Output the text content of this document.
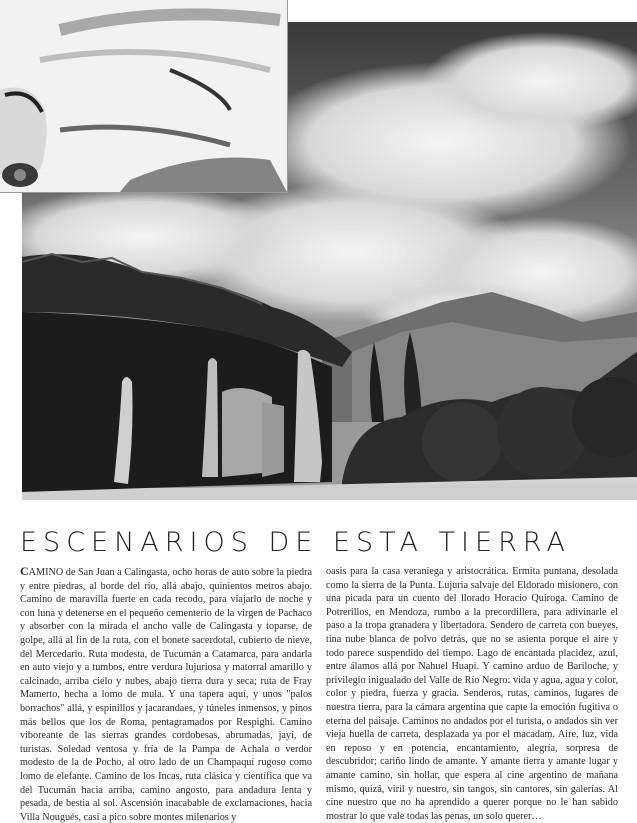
ESCENARIOS DE ESTA TIERRA

CAMINO de San Juan a Calingasta, ocho horas de auto sobre la piedra y entre piedras, al borde del río, allá abajo, quinientos metros abajo. Camino de maravilla fuerte en cada recodo, para viajarlo de noche y con luna y detenerse en el pequeño cementerio de la virgen de Pachaco y absorber con la mirada el ancho valle de Calingasta y toparse, de golpe, allá al fin de la ruta, con el bonete sacerdotal, cubierto de nieve, del Mercedario. Ruta modesta, de Tucumán a Catamarca, para andarla en auto viejo y a tumbos, entre verdura lujuriosa y matorral amarillo y calcinado, arriba cielo y nubes, abajo tierra dura y seca; ruta de Fray Mamerto, hecha a lomo de mula. Y una tapera aquí, y unos "palos borrachos" allá, y espinillos y jacarandaes, y túneles inmensos, y pinos más bellos que los de Roma, pentagramados por Respighi. Camino viboreante de las sierras grandes cordobesas, abrumadas, jayí, de turistas. Soledad ventosa y fría de la Pampa de Achala o verdor modesto de la de Pocho, al otro lado de un Champaquí rugoso como lomo de elefante. Camino de los Incas, ruta clásica y científica que va del Tucumán hacia arriba, camino angosto, para andadura lenta y pesada, de bestia al sol. Ascensión inacabable de exclamaciones, hacia Villa Nougués, casi a pico sobre montes milenarios y

oasis para la casa veraniega y aristocrática. Ermita puntana, desolada como la sierra de la Punta. Lujuria salvaje del Eldorado misionero, con una picada para un cuento del llorado Horacio Quiroga. Camino de Potrerillos, en Mendoza, rumbo a la precordillera, para adivinarle el paso a la tropa granadera y libertadora. Sendero de carreta con bueyes, tina nube blanca de polvo detrás, que no se asienta porque el aire y todo parece suspendido del tiempo. Lago de encantada placidez, azul, entre álamos allá por Nahuel Huapí. Y camino arduo de Bariloche, y privilegio inigualado del Valle de Río Negro: vida y agua, agua y color, color y piedra, fuerza y gracia. Senderos, rutas, caminos, lugares de nuestra tierra, para la cámara argentina que capte la emoción fugitiva o eterna del paisaje. Caminos no andados por el turista, o andados sin ver vieja huella de carreta, desplazada ya por el macadam. Aire, luz, vida en reposo y en potencia, encantamiento, alegría, sorpresa de descubridor; cariño lindo de amante. Y amante tierra y amante lugar y amante camino, sin hollar, que espera al cine argentino de mañana mismo, quizá, viril y nuestro, sin tangos, sin cantores, sin galerías. Al cine nuestro que no ha aprendido a querer porque no le han sabido mostrar lo que vale todas las penas, un solo querer…
